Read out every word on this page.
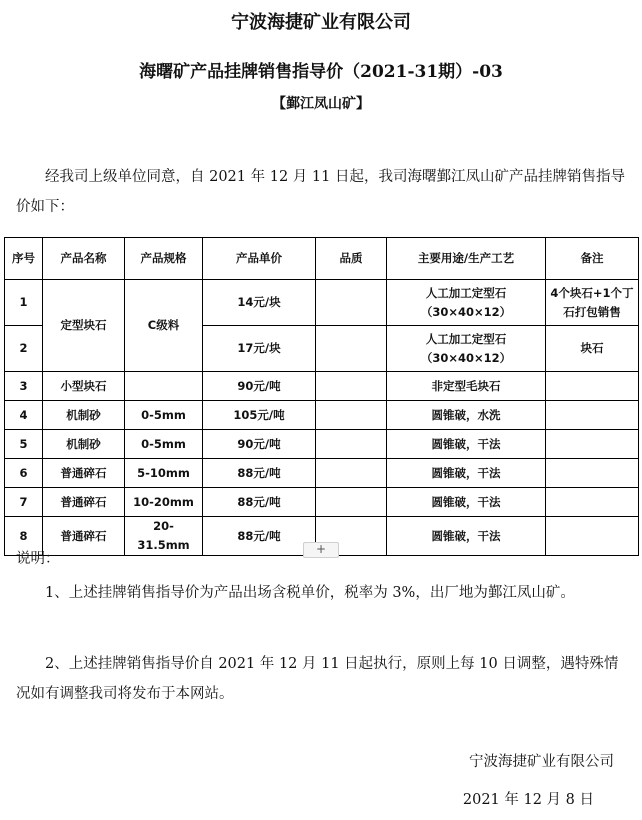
宁波海捷矿业有限公司
海曙矿产品挂牌销售指导价（2021-31期）-03
【鄞江凤山矿】

经我司上级单位同意，自 2021 年 12 月 11 日起，我司海曙鄞江凤山矿产品挂牌销售指导价如下：

序号	产品名称	产品规格	产品单价	品质	主要用途/生产工艺	备注
1	定型块石	C级料	14元/块		人工加工定型石（30×40×12）	4个块石+1个丁石打包销售
2			17元/块		人工加工定型石（30×40×12）	块石
3	小型块石		90元/吨		非定型毛块石	
4	机制砂	0-5mm	105元/吨		圆锥破，水洗	
5	机制砂	0-5mm	90元/吨		圆锥破，干法	
6	普通碎石	5-10mm	88元/吨		圆锥破，干法	
7	普通碎石	10-20mm	88元/吨		圆锥破，干法	
8	普通碎石	20-31.5mm	88元/吨		圆锥破，干法	
+
说明：

1、上述挂牌销售指导价为产品出场含税单价，税率为 3%，出厂地为鄞江凤山矿。

2、上述挂牌销售指导价自 2021 年 12 月 11 日起执行，原则上每 10 日调整，遇特殊情况如有调整我司将发布于本网站。

宁波海捷矿业有限公司
2021 年 12 月 8 日
